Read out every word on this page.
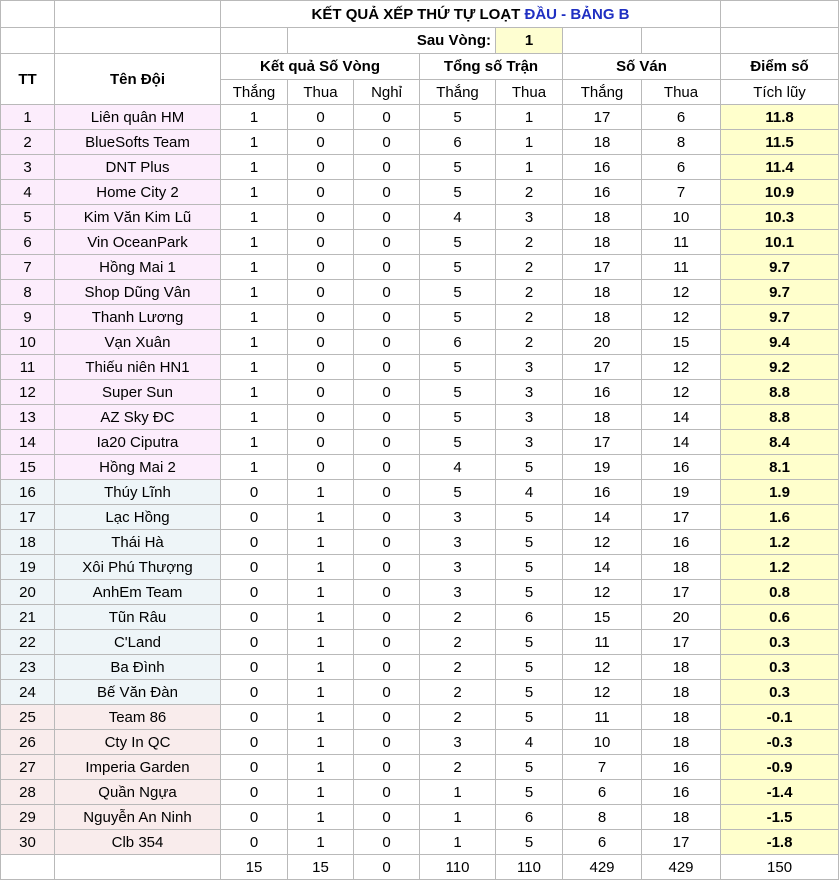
		KẾT QUẢ XẾP THỨ TỰ LOẠT ĐẦU - BẢNG B							
			Sau Vòng:			1			
TT	Tên Đội	Kết quả Số Vòng			Tổng số Trận		Số Ván		Điểm số
		Thắng	Thua	Nghỉ	Thắng	Thua	Thắng	Thua	Tích lũy
1	Liên quân HM	1	0	0	5	1	17	6	11.8
2	BlueSofts Team	1	0	0	6	1	18	8	11.5
3	DNT Plus	1	0	0	5	1	16	6	11.4
4	Home City 2	1	0	0	5	2	16	7	10.9
5	Kim Văn Kim Lũ	1	0	0	4	3	18	10	10.3
6	Vin OceanPark	1	0	0	5	2	18	11	10.1
7	Hồng Mai 1	1	0	0	5	2	17	11	9.7
8	Shop Dũng Vân	1	0	0	5	2	18	12	9.7
9	Thanh Lương	1	0	0	5	2	18	12	9.7
10	Vạn Xuân	1	0	0	6	2	20	15	9.4
11	Thiếu niên HN1	1	0	0	5	3	17	12	9.2
12	Super Sun	1	0	0	5	3	16	12	8.8
13	AZ Sky ĐC	1	0	0	5	3	18	14	8.8
14	Ia20 Ciputra	1	0	0	5	3	17	14	8.4
15	Hồng Mai 2	1	0	0	4	5	19	16	8.1
16	Thúy Lĩnh	0	1	0	5	4	16	19	1.9
17	Lạc Hồng	0	1	0	3	5	14	17	1.6
18	Thái Hà	0	1	0	3	5	12	16	1.2
19	Xôi Phú Thượng	0	1	0	3	5	14	18	1.2
20	AnhEm Team	0	1	0	3	5	12	17	0.8
21	Tũn Râu	0	1	0	2	6	15	20	0.6
22	C'Land	0	1	0	2	5	11	17	0.3
23	Ba Đình	0	1	0	2	5	12	18	0.3
24	Bế Văn Đàn	0	1	0	2	5	12	18	0.3
25	Team 86	0	1	0	2	5	11	18	-0.1
26	Cty In QC	0	1	0	3	4	10	18	-0.3
27	Imperia Garden	0	1	0	2	5	7	16	-0.9
28	Quần Ngựa	0	1	0	1	5	6	16	-1.4
29	Nguyễn An Ninh	0	1	0	1	6	8	18	-1.5
30	Clb 354	0	1	0	1	5	6	17	-1.8
		15	15	0	110	110	429	429	150
